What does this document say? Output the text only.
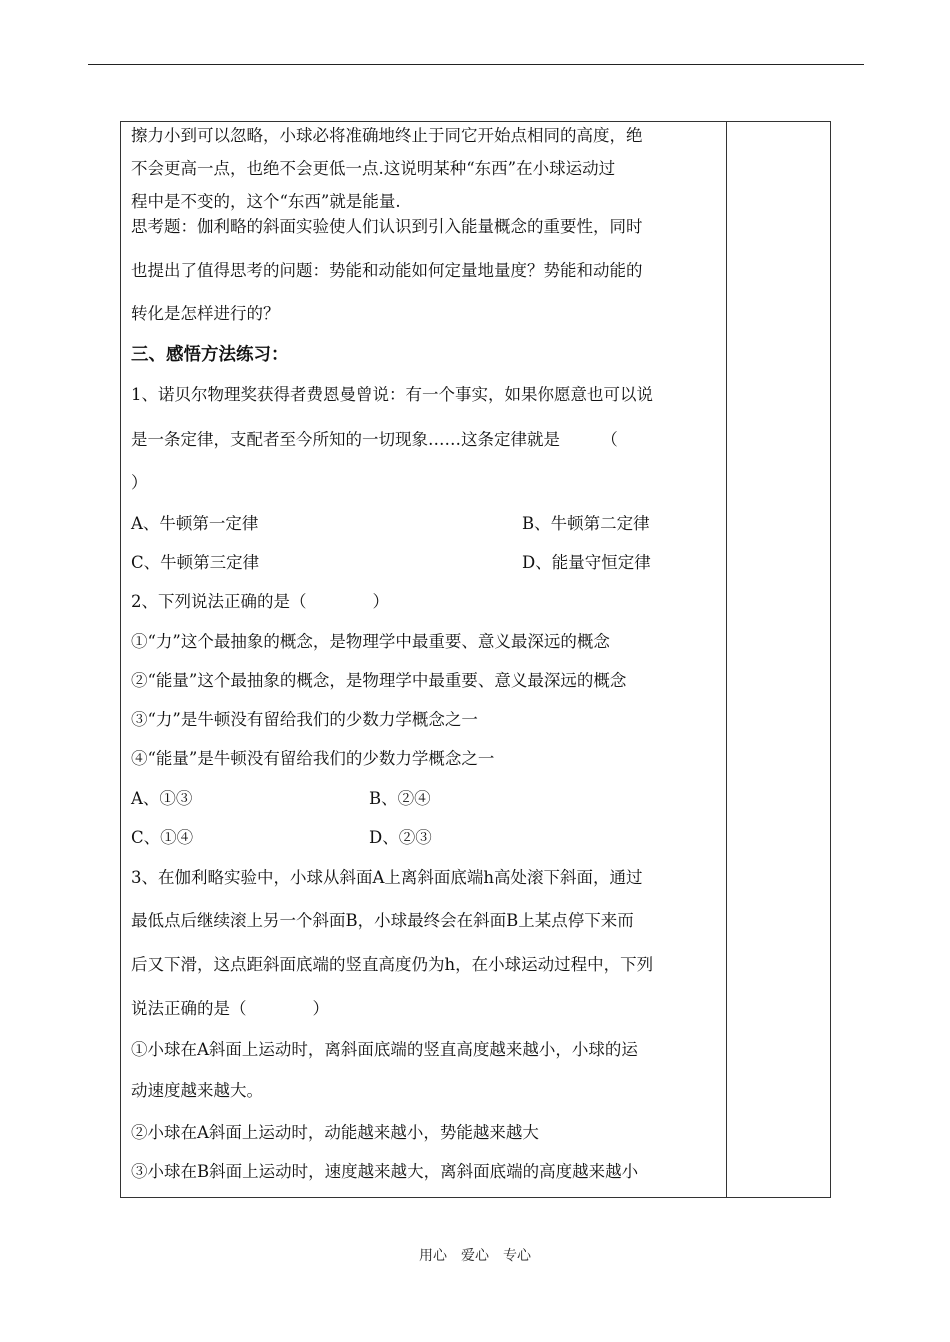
擦力小到可以忽略，小球必将准确地终止于同它开始点相同的高度，绝
不会更高一点，也绝不会更低一点.这说明某种“东西”在小球运动过
程中是不变的，这个“东西”就是能量.
思考题：伽利略的斜面实验使人们认识到引入能量概念的重要性，同时
也提出了值得思考的问题：势能和动能如何定量地量度？势能和动能的
转化是怎样进行的？
三、感悟方法练习：
1、诺贝尔物理奖获得者费恩曼曾说：有一个事实，如果你愿意也可以说
是一条定律，支配者至今所知的一切现象……这条定律就是　　　（
）
A、牛顿第一定律
C、牛顿第三定律
2、下列说法正确的是（　　　　）
①“力”这个最抽象的概念，是物理学中最重要、意义最深远的概念
②“能量”这个最抽象的概念，是物理学中最重要、意义最深远的概念
③“力”是牛顿没有留给我们的少数力学概念之一
④“能量”是牛顿没有留给我们的少数力学概念之一
A、①③
C、①④
3、在伽利略实验中，小球从斜面A上离斜面底端h高处滚下斜面，通过
最低点后继续滚上另一个斜面B，小球最终会在斜面B上某点停下来而
后又下滑，这点距斜面底端的竖直高度仍为h，在小球运动过程中，下列
说法正确的是（　　　　）
①小球在A斜面上运动时，离斜面底端的竖直高度越来越小，小球的运
动速度越来越大。
②小球在A斜面上运动时，动能越来越小，势能越来越大
③小球在B斜面上运动时，速度越来越大，离斜面底端的高度越来越小
B、牛顿第二定律
D、能量守恒定律
B、②④
D、②③
用心　爱心　专心
